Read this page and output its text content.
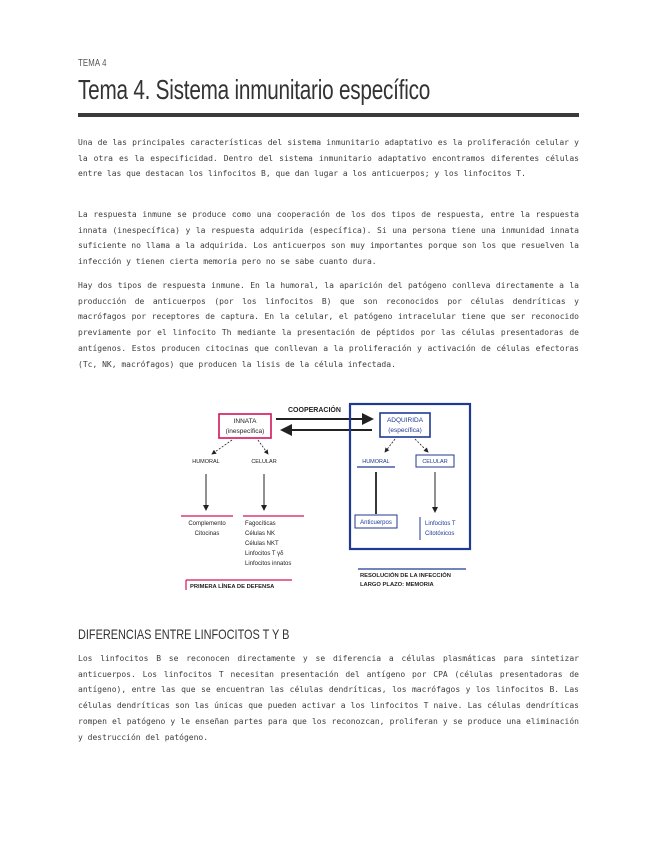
TEMA 4
Tema 4. Sistema inmunitario específico

Una de las principales características del sistema inmunitario adaptativo es la proliferación celular y la otra es la especificidad. Dentro del sistema inmunitario adaptativo encontramos diferentes células entre las que destacan los linfocitos B, que dan lugar a los anticuerpos; y los linfocitos T.

La respuesta inmune se produce como una cooperación de los dos tipos de respuesta, entre la respuesta innata (inespecífica) y la respuesta adquirida (específica). Si una persona tiene una inmunidad innata suficiente no llama a la adquirida. Los anticuerpos son muy importantes porque son los que resuelven la infección y tienen cierta memoria pero no se sabe cuanto dura.

Hay dos tipos de respuesta inmune. En la humoral, la aparición del patógeno conlleva directamente a la producción de anticuerpos (por los linfocitos B) que son reconocidos por células dendríticas y macrófagos por receptores de captura. En la celular, el patógeno intracelular tiene que ser reconocido previamente por el linfocito Th mediante la presentación de péptidos por las células presentadoras de antígenos. Estos producen citocinas que conllevan a la proliferación y activación de células efectoras (Tc, NK, macrófagos) que producen la lisis de la célula infectada.

DIFERENCIAS ENTRE LINFOCITOS T Y B

Los linfocitos B se reconocen directamente y se diferencia a células plasmáticas para sintetizar anticuerpos. Los linfocitos T necesitan presentación del antígeno por CPA (células presentadoras de antígeno), entre las que se encuentran las células dendríticas, los macrófagos y los linfocitos B. Las células dendríticas son las únicas que pueden activar a los linfocitos T naive. Las células dendríticas rompen el patógeno y le enseñan partes para que los reconozcan, proliferan y se produce una eliminación y destrucción del patógeno.

COOPERACIÓN
INNATA
(inespecífica)
HUMORAL	CELULAR
Complemento
Citocinas
Fagocíticas
Células NK
Células NKT
Linfocitos T γδ
Linfocitos innatos
PRIMERA LÍNEA DE DEFENSA
ADQUIRIDA
(específica)
HUMORAL	CELULAR
Anticuerpos	Linfocitos T
Citotóxicos
RESOLUCIÓN DE LA INFECCIÓN
LARGO PLAZO: MEMORIA
